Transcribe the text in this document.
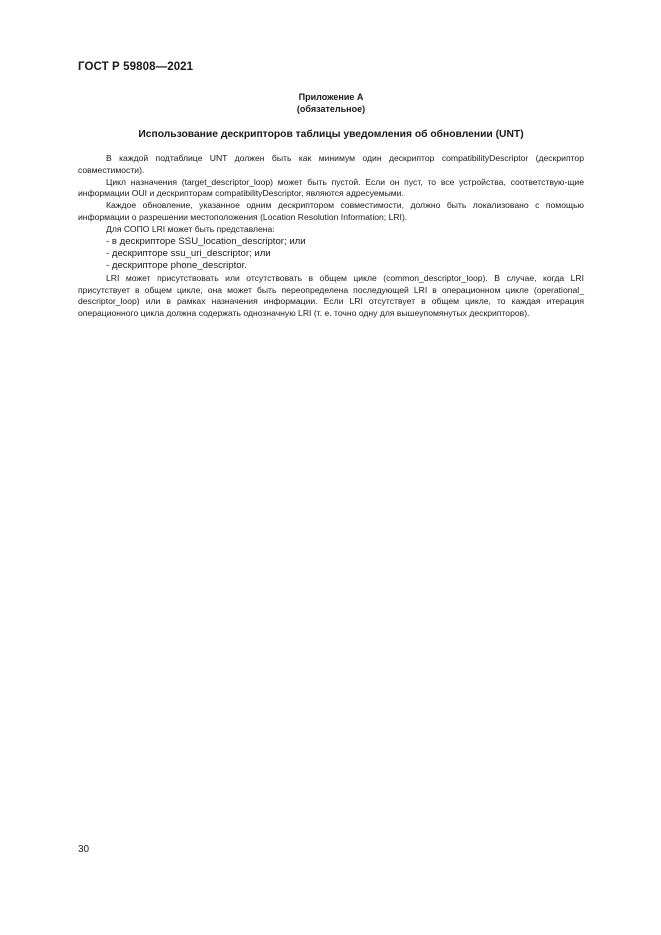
ГОСТ Р 59808—2021
Приложение А
(обязательное)
Использование дескрипторов таблицы уведомления об обновлении (UNT)

В каждой подтаблице UNT должен быть как минимум один дескриптор compatibilityDescriptor (дескриптор совместимости).

Цикл назначения (target_descriptor_loop) может быть пустой. Если он пуст, то все устройства, соответствую-щие информации OUI и дескрипторам compatibilityDescriptor, являются адресуемыми.

Каждое обновление, указанное одним дескриптором совместимости, должно быть локализовано с помощью информации о разрешении местоположения (Location Resolution Information; LRI).

Для СОПО LRI может быть представлена:

- в дескрипторе SSU_location_descriptor; или

- дескрипторе ssu_uri_descriptor; или

- дескрипторе phone_descriptor.

LRI может присутствовать или отсутствовать в общем цикле (common_descriptor_loop). В случае, когда LRI присутствует в общем цикле, она может быть переопределена последующей LRI в операционном цикле (operational_ descriptor_loop) или в рамках назначения информации. Если LRI отсутствует в общем цикле, то каждая итерация операционного цикла должна содержать однозначную LRI (т. е. точно одну для вышеупомянутых дескрипторов).

30
